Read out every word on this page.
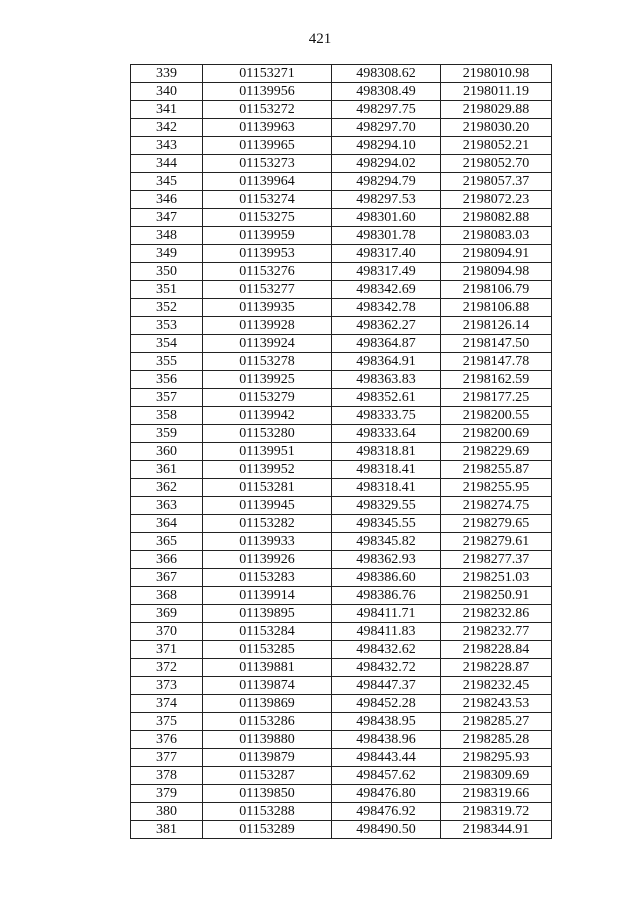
421
339	01153271	498308.62	2198010.98
340	01139956	498308.49	2198011.19
341	01153272	498297.75	2198029.88
342	01139963	498297.70	2198030.20
343	01139965	498294.10	2198052.21
344	01153273	498294.02	2198052.70
345	01139964	498294.79	2198057.37
346	01153274	498297.53	2198072.23
347	01153275	498301.60	2198082.88
348	01139959	498301.78	2198083.03
349	01139953	498317.40	2198094.91
350	01153276	498317.49	2198094.98
351	01153277	498342.69	2198106.79
352	01139935	498342.78	2198106.88
353	01139928	498362.27	2198126.14
354	01139924	498364.87	2198147.50
355	01153278	498364.91	2198147.78
356	01139925	498363.83	2198162.59
357	01153279	498352.61	2198177.25
358	01139942	498333.75	2198200.55
359	01153280	498333.64	2198200.69
360	01139951	498318.81	2198229.69
361	01139952	498318.41	2198255.87
362	01153281	498318.41	2198255.95
363	01139945	498329.55	2198274.75
364	01153282	498345.55	2198279.65
365	01139933	498345.82	2198279.61
366	01139926	498362.93	2198277.37
367	01153283	498386.60	2198251.03
368	01139914	498386.76	2198250.91
369	01139895	498411.71	2198232.86
370	01153284	498411.83	2198232.77
371	01153285	498432.62	2198228.84
372	01139881	498432.72	2198228.87
373	01139874	498447.37	2198232.45
374	01139869	498452.28	2198243.53
375	01153286	498438.95	2198285.27
376	01139880	498438.96	2198285.28
377	01139879	498443.44	2198295.93
378	01153287	498457.62	2198309.69
379	01139850	498476.80	2198319.66
380	01153288	498476.92	2198319.72
381	01153289	498490.50	2198344.91
